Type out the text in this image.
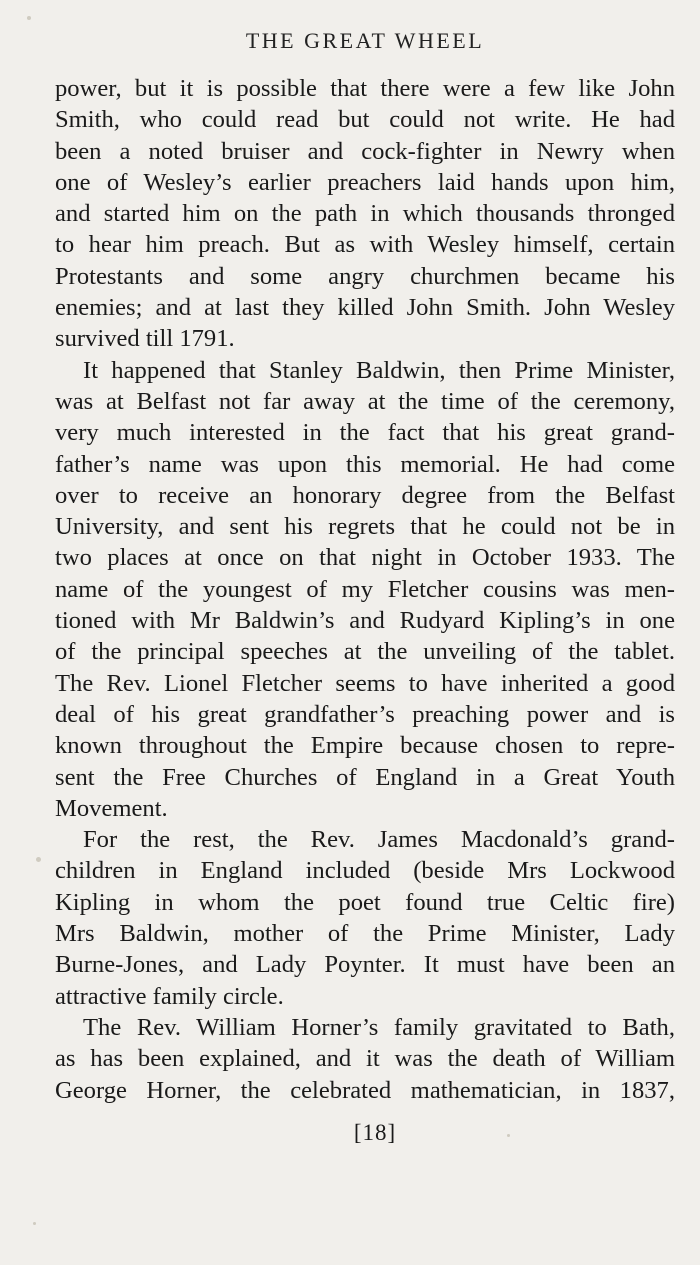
THE GREAT WHEEL
power, but it is possible that there were a few like John
Smith, who could read but could not write. He had
been a noted bruiser and cock-fighter in Newry when
one of Wesley’s earlier preachers laid hands upon him,
and started him on the path in which thousands thronged
to hear him preach. But as with Wesley himself, certain
Protestants and some angry churchmen became his
enemies; and at last they killed John Smith. John Wesley
survived till 1791.
It happened that Stanley Baldwin, then Prime Minister,
was at Belfast not far away at the time of the ceremony,
very much interested in the fact that his great grand-
father’s name was upon this memorial. He had come
over to receive an honorary degree from the Belfast
University, and sent his regrets that he could not be in
two places at once on that night in October 1933. The
name of the youngest of my Fletcher cousins was men-
tioned with Mr Baldwin’s and Rudyard Kipling’s in one
of the principal speeches at the unveiling of the tablet.
The Rev. Lionel Fletcher seems to have inherited a good
deal of his great grandfather’s preaching power and is
known throughout the Empire because chosen to repre-
sent the Free Churches of England in a Great Youth
Movement.
For the rest, the Rev. James Macdonald’s grand-
children in England included (beside Mrs Lockwood
Kipling in whom the poet found true Celtic fire)
Mrs Baldwin, mother of the Prime Minister, Lady
Burne-Jones, and Lady Poynter. It must have been an
attractive family circle.
The Rev. William Horner’s family gravitated to Bath,
as has been explained, and it was the death of William
George Horner, the celebrated mathematician, in 1837,
[18]
